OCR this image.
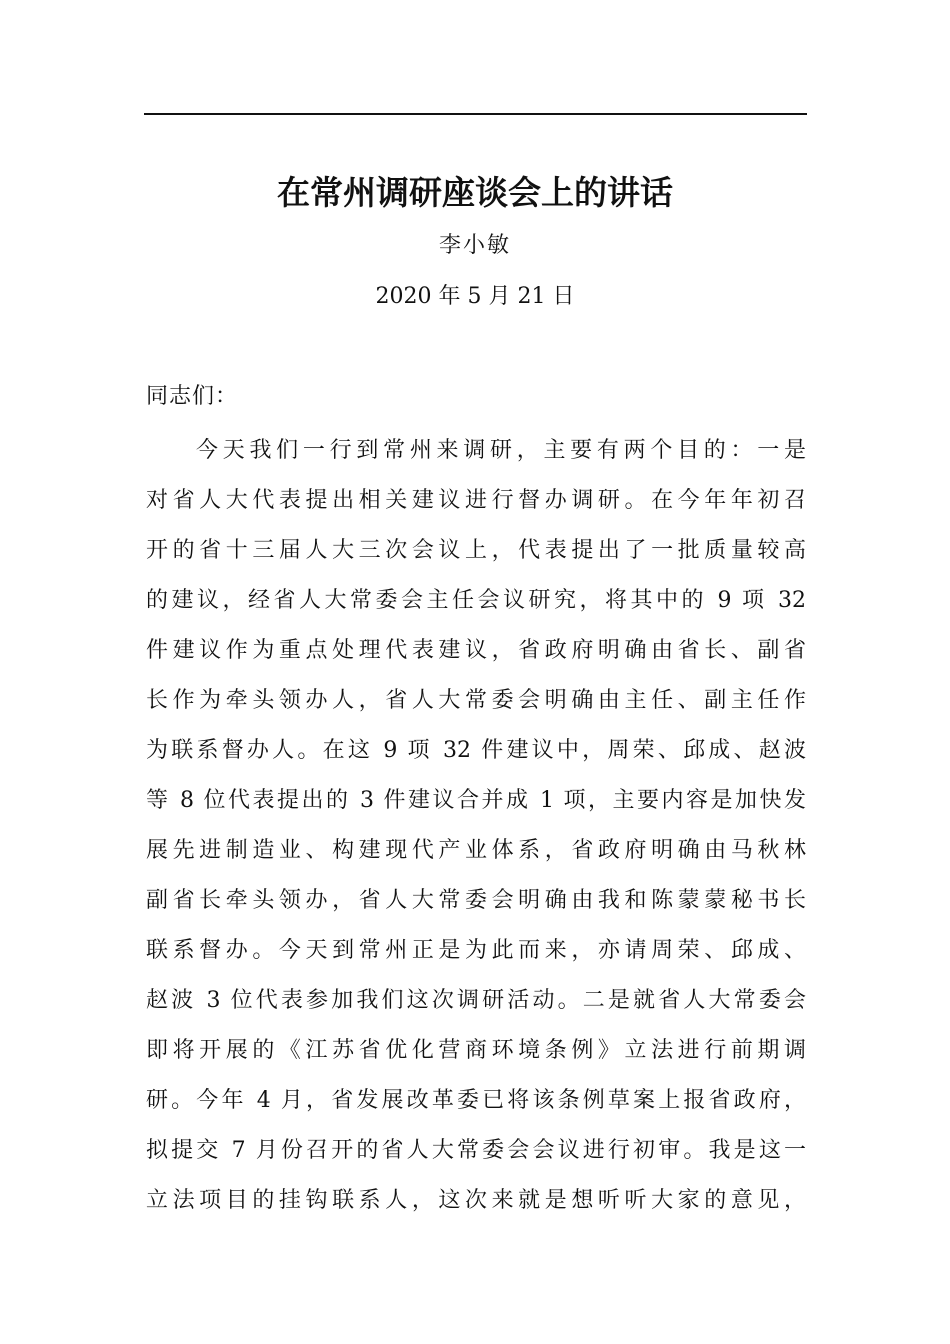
在常州调研座谈会上的讲话
李小敏
2020 年 5 月 21 日
同志们：
今天我们一行到常州来调研，主要有两个目的：一是
对省人大代表提出相关建议进行督办调研。在今年年初召
开的省十三届人大三次会议上，代表提出了一批质量较高
的建议，经省人大常委会主任会议研究，将其中的 9 项 32
件建议作为重点处理代表建议，省政府明确由省长、副省
长作为牵头领办人，省人大常委会明确由主任、副主任作
为联系督办人。在这 9 项 32 件建议中，周荣、邱成、赵波
等 8 位代表提出的 3 件建议合并成 1 项，主要内容是加快发
展先进制造业、构建现代产业体系，省政府明确由马秋林
副省长牵头领办，省人大常委会明确由我和陈蒙蒙秘书长
联系督办。今天到常州正是为此而来，亦请周荣、邱成、
赵波 3 位代表参加我们这次调研活动。二是就省人大常委会
即将开展的《江苏省优化营商环境条例》立法进行前期调
研。今年 4 月，省发展改革委已将该条例草案上报省政府，
拟提交 7 月份召开的省人大常委会会议进行初审。我是这一
立法项目的挂钩联系人，这次来就是想听听大家的意见，
